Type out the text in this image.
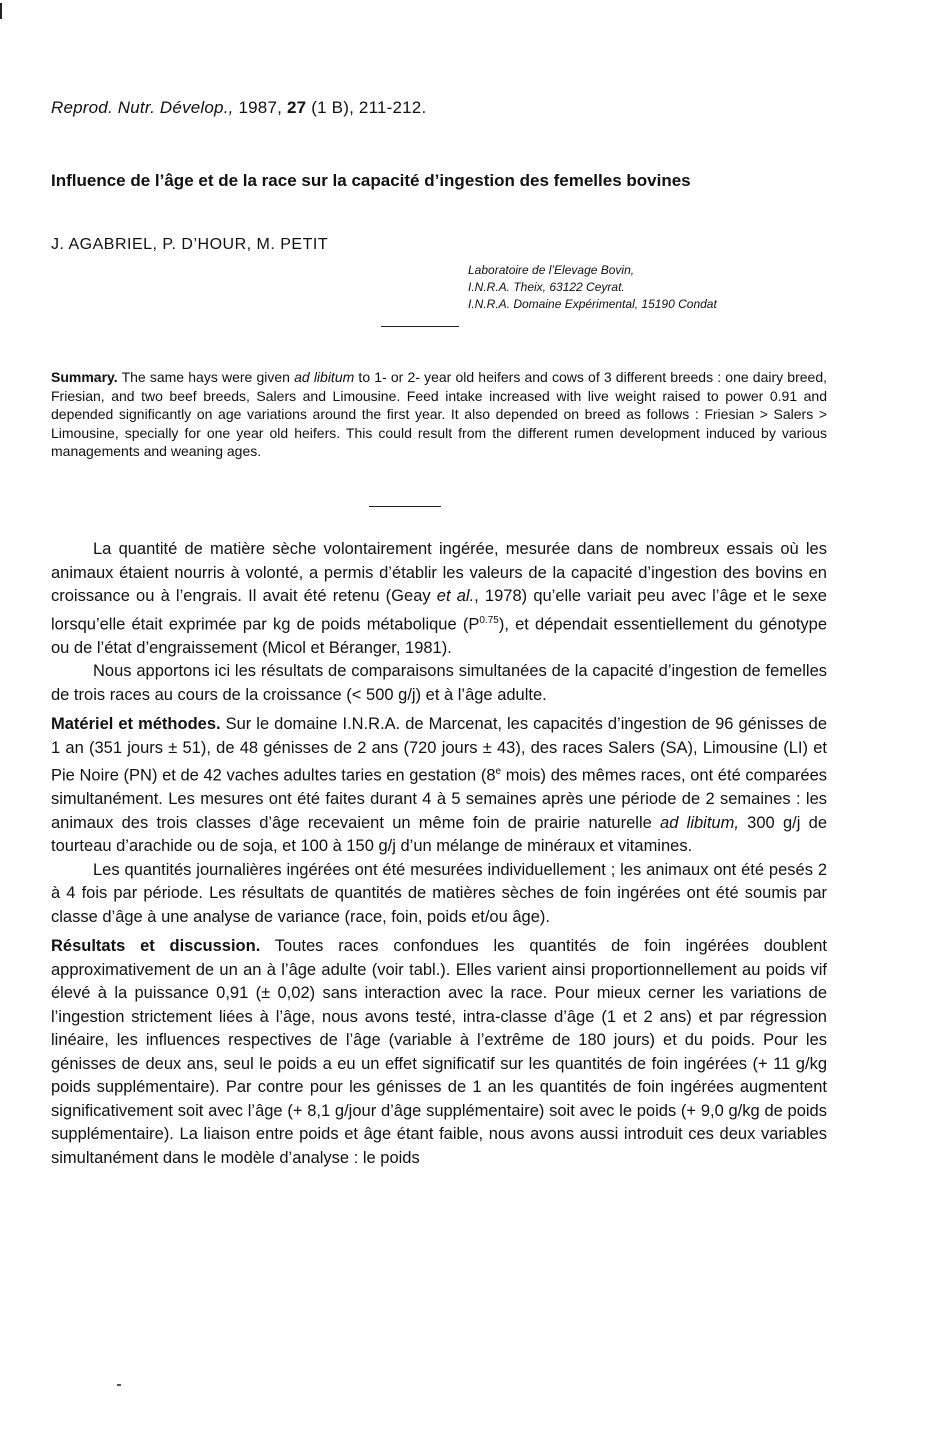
Reprod. Nutr. Dévelop., 1987, 27 (1 B), 211-212.
Influence de l’âge et de la race sur la capacité d’ingestion des femelles bovines
J. AGABRIEL, P. D’HOUR, M. PETIT
Laboratoire de l’Elevage Bovin,
I.N.R.A. Theix, 63122 Ceyrat.
I.N.R.A. Domaine Expérimental, 15190 Condat
Summary. The same hays were given ad libitum to 1- or 2- year old heifers and cows of 3 different breeds : one dairy breed, Friesian, and two beef breeds, Salers and Limousine. Feed intake increased with live weight raised to power 0.91 and depended significantly on age variations around the first year. It also depended on breed as follows : Friesian > Salers > Limousine, specially for one year old heifers. This could result from the different rumen development induced by various managements and weaning ages.

La quantité de matière sèche volontairement ingérée, mesurée dans de nombreux essais où les animaux étaient nourris à volonté, a permis d’établir les valeurs de la capacité d’ingestion des bovins en croissance ou à l’engrais. Il avait été retenu (Geay et al., 1978) qu’elle variait peu avec l’âge et le sexe lorsqu’elle était exprimée par kg de poids métabolique $(P^{0.75})$, et dépendait essentiellement du génotype ou de l’état d’engraissement (Micol et Béranger, 1981).

Nous apportons ici les résultats de comparaisons simultanées de la capacité d’ingestion de femelles de trois races au cours de la croissance (< 500 g/j) et à l’âge adulte.

Matériel et méthodes. Sur le domaine I.N.R.A. de Marcenat, les capacités d’ingestion de 96 génisses de 1 an (351 jours ± 51), de 48 génisses de 2 ans (720 jours ± 43), des races Salers (SA), Limousine (LI) et Pie Noire (PN) et de 42 vaches adultes taries en gestation (8e mois) des mêmes races, ont été comparées simultanément. Les mesures ont été faites durant 4 à 5 semaines après une période de 2 semaines : les animaux des trois classes d’âge recevaient un même foin de prairie naturelle ad libitum, 300 g/j de tourteau d’arachide ou de soja, et 100 à 150 g/j d’un mélange de minéraux et vitamines.

Les quantités journalières ingérées ont été mesurées individuellement ; les animaux ont été pesés 2 à 4 fois par période. Les résultats de quantités de matières sèches de foin ingérées ont été soumis par classe d’âge à une analyse de variance (race, foin, poids et/ou âge).

Résultats et discussion. Toutes races confondues les quantités de foin ingérées doublent approximativement de un an à l’âge adulte (voir tabl.). Elles varient ainsi proportionnellement au poids vif élevé à la puissance 0,91 (± 0,02) sans interaction avec la race. Pour mieux cerner les variations de l’ingestion strictement liées à l’âge, nous avons testé, intra-classe d’âge (1 et 2 ans) et par régression linéaire, les influences respectives de l’âge (variable à l’extrême de 180 jours) et du poids. Pour les génisses de deux ans, seul le poids a eu un effet significatif sur les quantités de foin ingérées (+ 11 g/kg poids supplémentaire). Par contre pour les génisses de 1 an les quantités de foin ingérées augmentent significativement soit avec l’âge (+ 8,1 g/jour d’âge supplémentaire) soit avec le poids (+ 9,0 g/kg de poids supplémentaire). La liaison entre poids et âge étant faible, nous avons aussi introduit ces deux variables simultanément dans le modèle d’analyse : le poids
